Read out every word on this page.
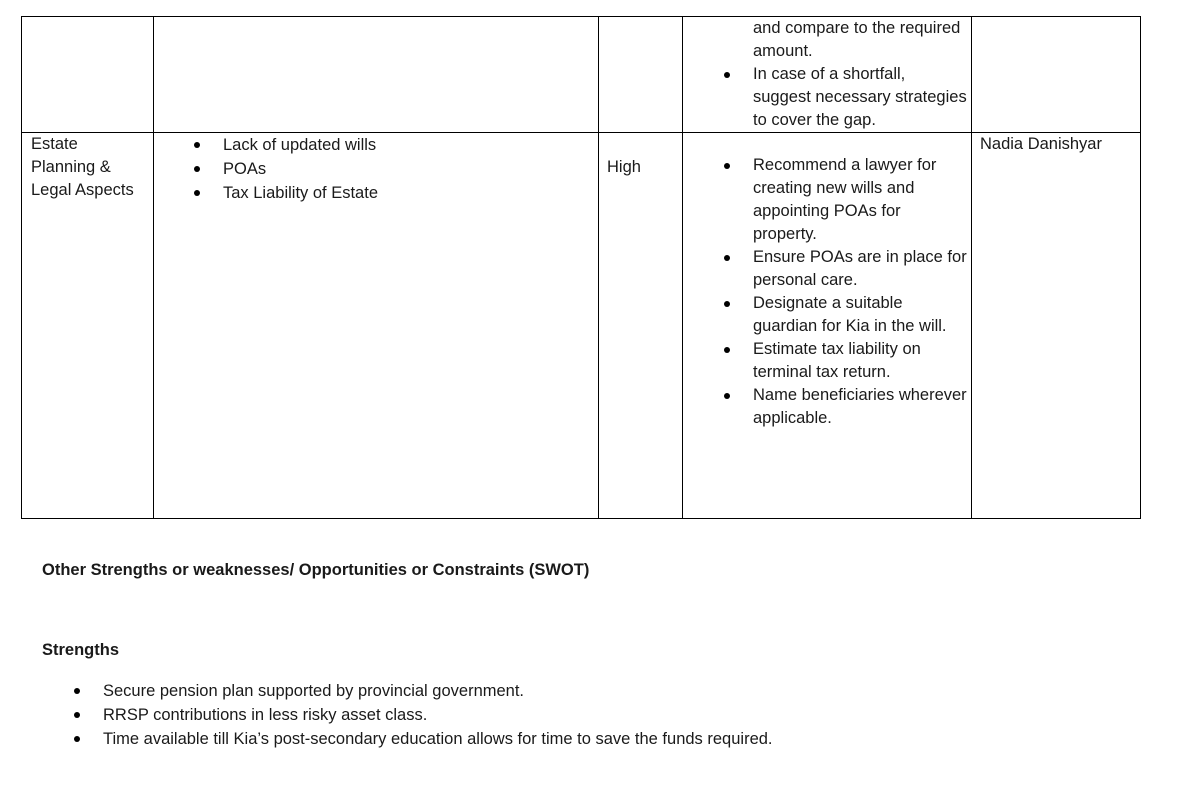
and compare to the required amount.
In case of a shortfall, suggest necessary strategies to cover the gap.
Estate Planning & Legal Aspects
Lack of updated wills
POAs
Tax Liability of Estate
High	Recommend a lawyer for creating new wills and appointing POAs for property.
Ensure POAs are in place for personal care.
Designate a suitable guardian for Kia in the will.
Estimate tax liability on terminal tax return.
Name beneficiaries wherever applicable.
Nadia Danishyar
Other Strengths or weaknesses/ Opportunities or Constraints (SWOT)
Strengths
Secure pension plan supported by provincial government.
RRSP contributions in less risky asset class.
Time available till Kia’s post-secondary education allows for time to save the funds required.
